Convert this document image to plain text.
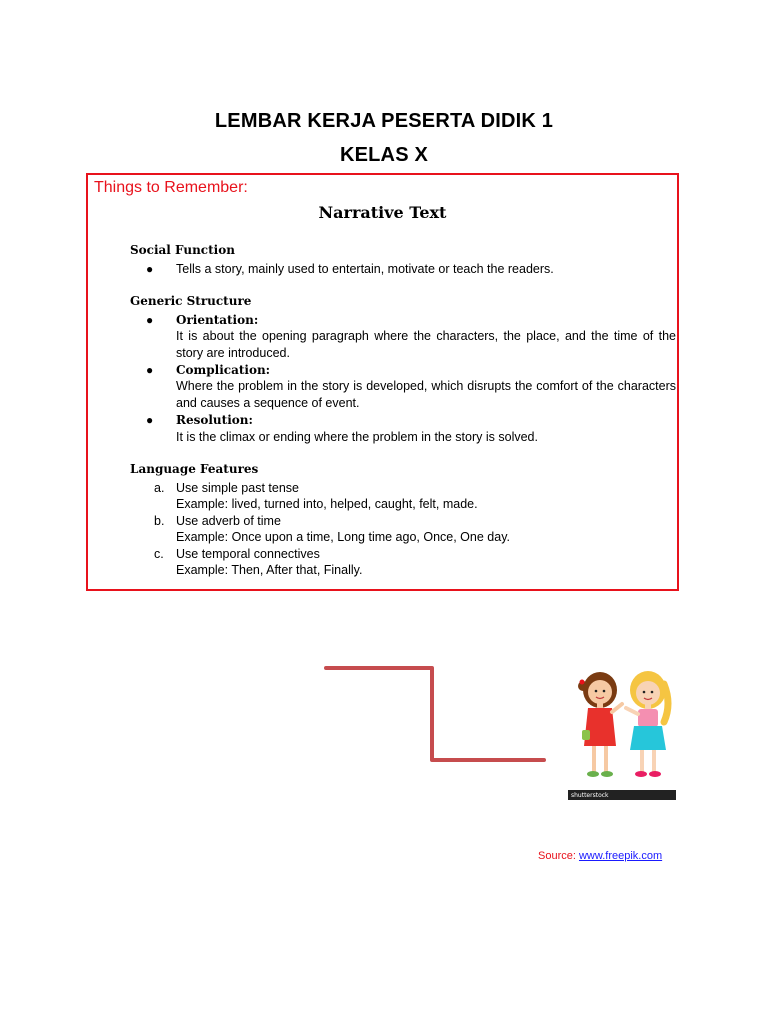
LEMBAR KERJA PESERTA DIDIK 1
KELAS X
Things to Remember:
Narrative Text
Social Function
● Tells a story, mainly used to entertain, motivate or teach the readers.
Generic Structure
● Orientation:
It is about the opening paragraph where the characters, the place, and the time of the story are introduced.
● Complication:
Where the problem in the story is developed, which disrupts the comfort of the characters and causes a sequence of event.
● Resolution:
It is the climax or ending where the problem in the story is solved.
Language Features
a. Use simple past tense
Example: lived, turned into, helped, caught, felt, made.
b. Use adverb of time
Example: Once upon a time, Long time ago, Once, One day.
c. Use temporal connectives
Example: Then, After that, Finally.
shutterstock
Source: www.freepik.com
